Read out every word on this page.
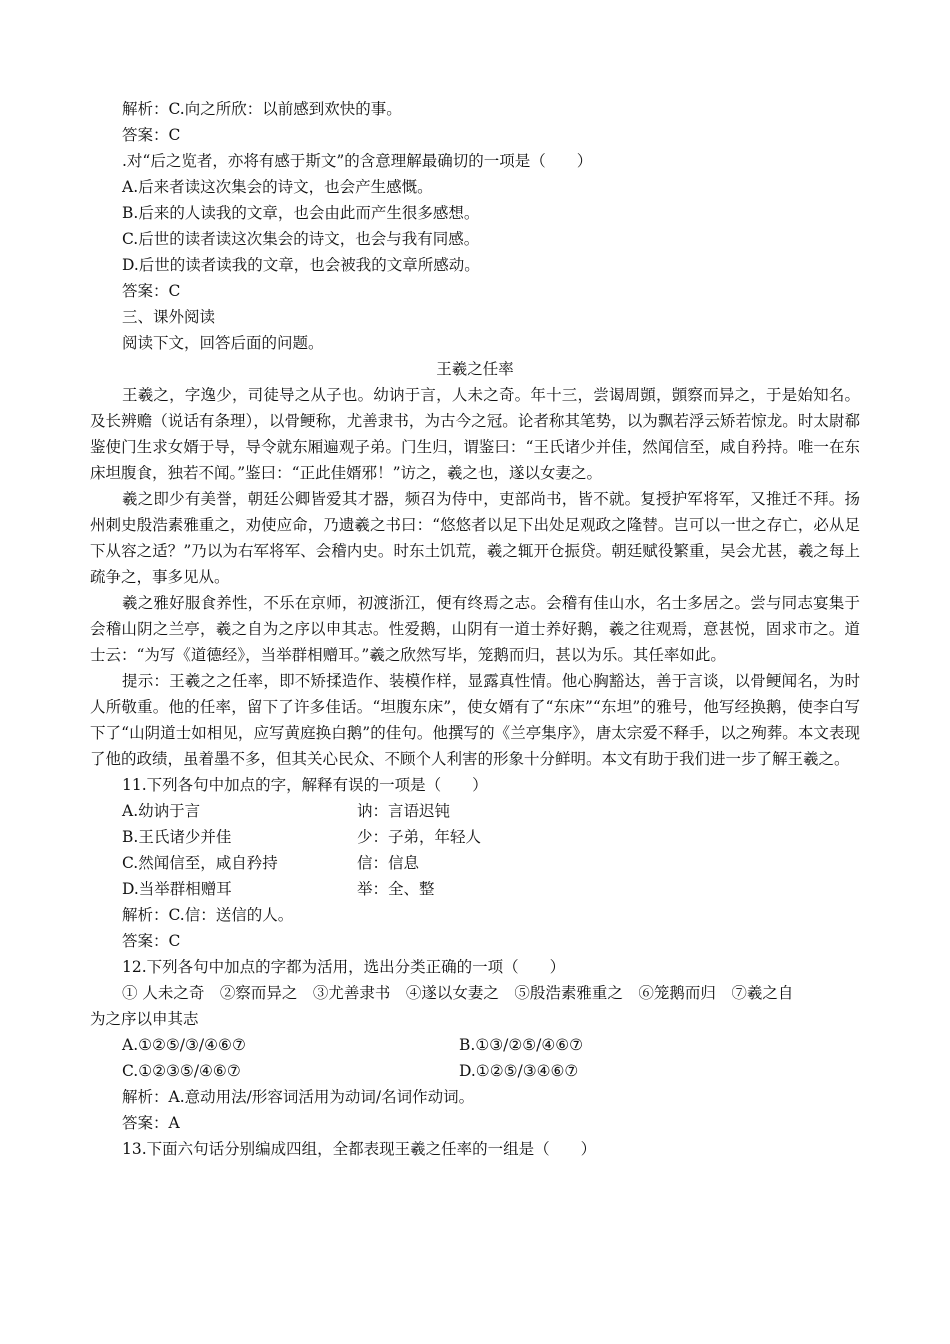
解析：C.向之所欣：以前感到欢快的事。

答案：C

.对“后之览者，亦将有感于斯文”的含意理解最确切的一项是（　　）

A.后来者读这次集会的诗文，也会产生感慨。

B.后来的人读我的文章，也会由此而产生很多感想。

C.后世的读者读这次集会的诗文，也会与我有同感。

D.后世的读者读我的文章，也会被我的文章所感动。

答案：C

三、课外阅读

阅读下文，回答后面的问题。

王羲之任率

王羲之，字逸少，司徒导之从子也。幼讷于言，人未之奇。年十三，尝谒周顗，顗察而异之，于是始知名。及长辨赡（说话有条理），以骨鲠称，尤善隶书，为古今之冠。论者称其笔势，以为飘若浮云矫若惊龙。时太尉郗鉴使门生求女婿于导，导令就东厢遍观子弟。门生归，谓鉴曰：“王氏诸少并佳，然闻信至，咸自矜持。唯一在东床坦腹食，独若不闻。”鉴曰：“正此佳婿邪！”访之，羲之也，遂以女妻之。

羲之即少有美誉，朝廷公卿皆爱其才器，频召为侍中，吏部尚书，皆不就。复授护军将军，又推迁不拜。扬州刺史殷浩素雅重之，劝使应命，乃遗羲之书曰：“悠悠者以足下出处足观政之隆替。岂可以一世之存亡，必从足下从容之适？”乃以为右军将军、会稽内史。时东土饥荒，羲之辄开仓振贷。朝廷赋役繁重，吴会尤甚，羲之每上疏争之，事多见从。

羲之雅好服食养性，不乐在京师，初渡浙江，便有终焉之志。会稽有佳山水，名士多居之。尝与同志宴集于会稽山阴之兰亭，羲之自为之序以申其志。性爱鹅，山阴有一道士养好鹅，羲之往观焉，意甚悦，固求市之。道士云：“为写《道德经》，当举群相赠耳。”羲之欣然写毕，笼鹅而归，甚以为乐。其任率如此。

提示：王羲之之任率，即不矫揉造作、装模作样，显露真性情。他心胸豁达，善于言谈，以骨鲠闻名，为时人所敬重。他的任率，留下了许多佳话。“坦腹东床”，使女婿有了“东床”“东坦”的雅号，他写经换鹅，使李白写下了“山阴道士如相见，应写黄庭换白鹅”的佳句。他撰写的《兰亭集序》，唐太宗爱不释手，以之殉葬。本文表现了他的政绩，虽着墨不多，但其关心民众、不顾个人利害的形象十分鲜明。本文有助于我们进一步了解王羲之。

11.下列各句中加点的字，解释有误的一项是（　　）

A.幼讷于言	讷：言语迟钝
B.王氏诸少并佳	少：子弟，年轻人
C.然闻信至，咸自矜持	信：信息
D.当举群相赠耳	举：全、整

解析：C.信：送信的人。

答案：C

12.下列各句中加点的字都为活用，选出分类正确的一项（　　）

① 人未之奇　②察而异之　③尤善隶书　④遂以女妻之　⑤殷浩素雅重之　⑥笼鹅而归　⑦羲之自

为之序以申其志

A.①②⑤/③/④⑥⑦	B.①③/②⑤/④⑥⑦
C.①②③⑤/④⑥⑦	D.①②⑤/③④⑥⑦

解析：A.意动用法/形容词活用为动词/名词作动词。

答案：A

13.下面六句话分别编成四组，全都表现王羲之任率的一组是（　　）
